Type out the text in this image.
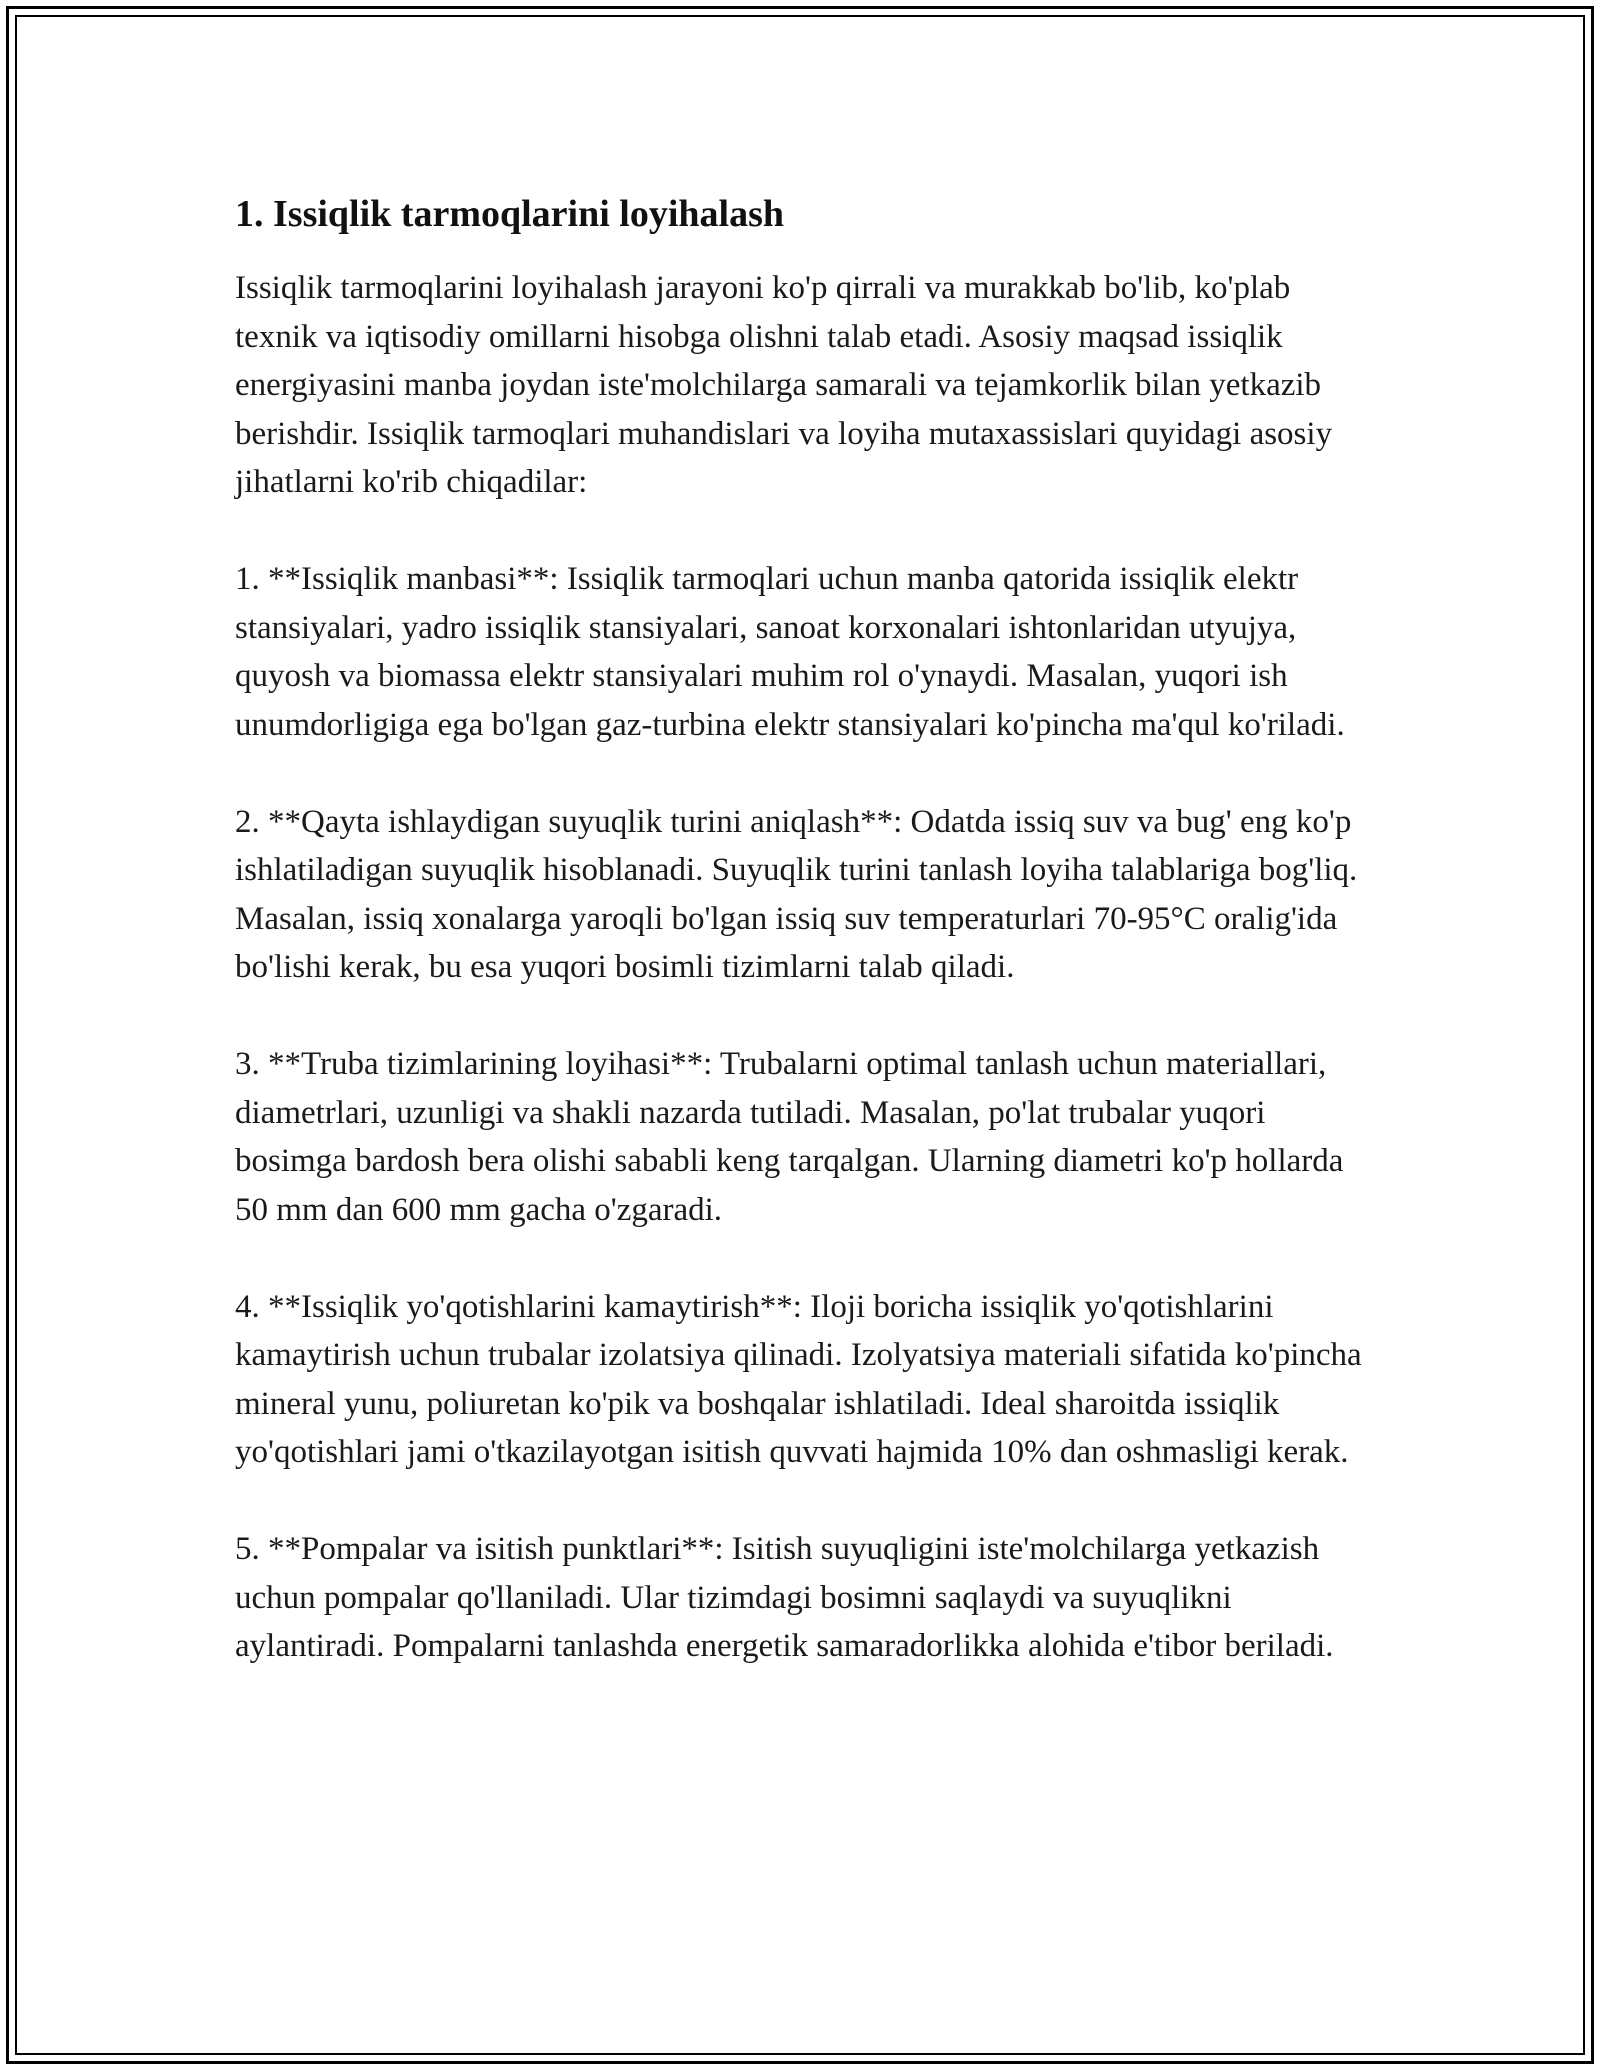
1. Issiqlik tarmoqlarini loyihalash

Issiqlik tarmoqlarini loyihalash jarayoni ko'p qirrali va murakkab bo'lib, ko'plab texnik va iqtisodiy omillarni hisobga olishni talab etadi. Asosiy maqsad issiqlik energiyasini manba joydan iste'molchilarga samarali va tejamkorlik bilan yetkazib berishdir. Issiqlik tarmoqlari muhandislari va loyiha mutaxassislari quyidagi asosiy jihatlarni ko'rib chiqadilar:

1. **Issiqlik manbasi**: Issiqlik tarmoqlari uchun manba qatorida issiqlik elektr stansiyalari, yadro issiqlik stansiyalari, sanoat korxonalari ishtonlaridan utyujya, quyosh va biomassa elektr stansiyalari muhim rol o'ynaydi. Masalan, yuqori ish unumdorligiga ega bo'lgan gaz-turbina elektr stansiyalari ko'pincha ma'qul ko'riladi.

2. **Qayta ishlaydigan suyuqlik turini aniqlash**: Odatda issiq suv va bug' eng ko'p ishlatiladigan suyuqlik hisoblanadi. Suyuqlik turini tanlash loyiha talablariga bog'liq. Masalan, issiq xonalarga yaroqli bo'lgan issiq suv temperaturlari 70-95°C oralig'ida bo'lishi kerak, bu esa yuqori bosimli tizimlarni talab qiladi.

3. **Truba tizimlarining loyihasi**: Trubalarni optimal tanlash uchun materiallari, diametrlari, uzunligi va shakli nazarda tutiladi. Masalan, po'lat trubalar yuqori bosimga bardosh bera olishi sababli keng tarqalgan. Ularning diametri ko'p hollarda 50 mm dan 600 mm gacha o'zgaradi.

4. **Issiqlik yo'qotishlarini kamaytirish**: Iloji boricha issiqlik yo'qotishlarini kamaytirish uchun trubalar izolatsiya qilinadi. Izolyatsiya materiali sifatida ko'pincha mineral yunu, poliuretan ko'pik va boshqalar ishlatiladi. Ideal sharoitda issiqlik yo'qotishlari jami o'tkazilayotgan isitish quvvati hajmida 10% dan oshmasligi kerak.

5. **Pompalar va isitish punktlari**: Isitish suyuqligini iste'molchilarga yetkazish uchun pompalar qo'llaniladi. Ular tizimdagi bosimni saqlaydi va suyuqlikni aylantiradi. Pompalarni tanlashda energetik samaradorlikka alohida e'tibor beriladi.
